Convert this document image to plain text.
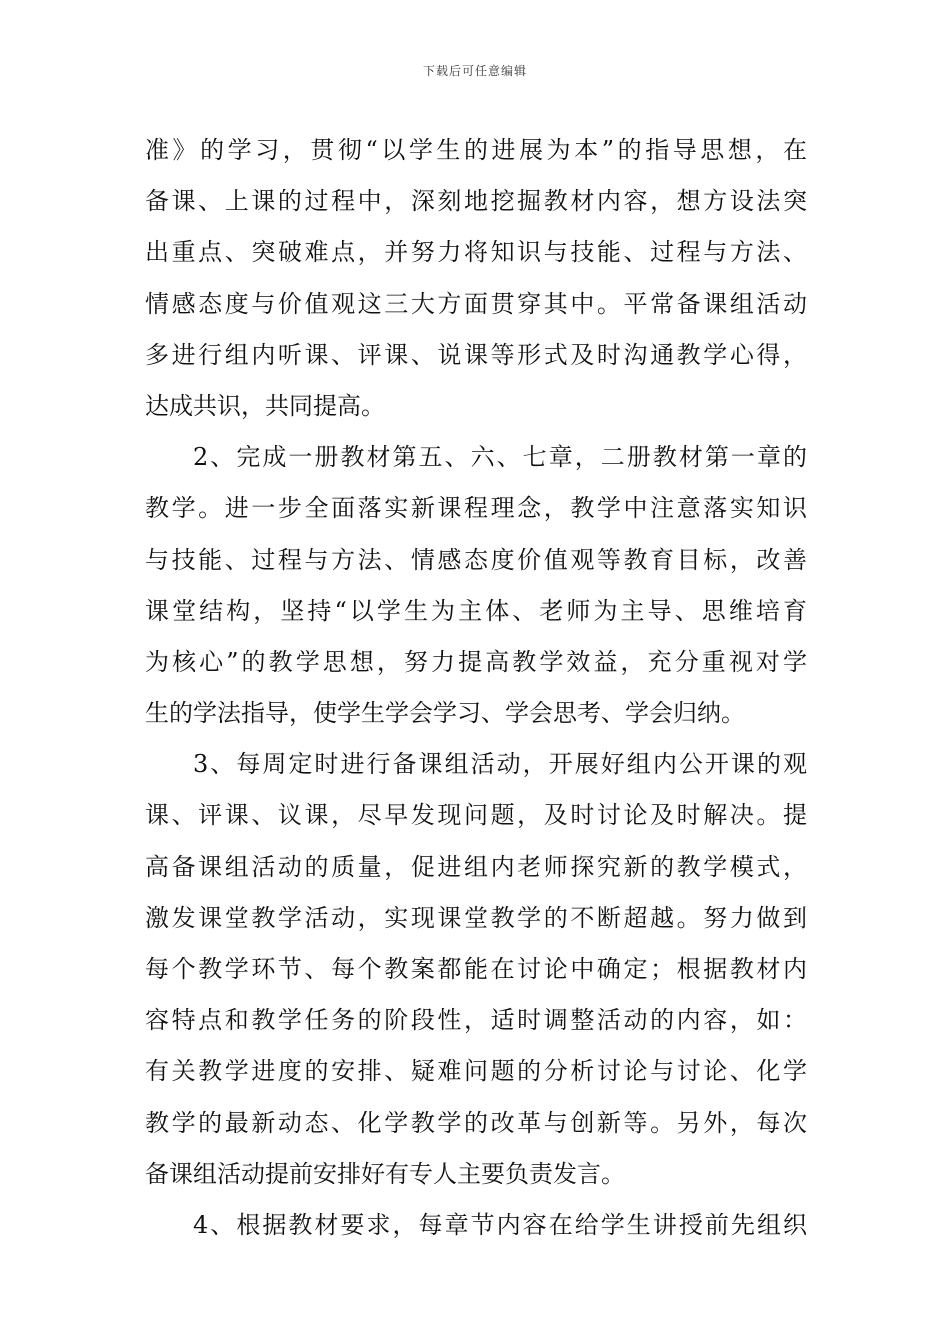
下载后可任意编辑
准》的学习，贯彻“以学生的进展为本”的指导思想，在
备课、上课的过程中，深刻地挖掘教材内容，想方设法突
出重点、突破难点，并努力将知识与技能、过程与方法、
情感态度与价值观这三大方面贯穿其中。平常备课组活动
多进行组内听课、评课、说课等形式及时沟通教学心得，
达成共识，共同提高。
2、完成一册教材第五、六、七章，二册教材第一章的
教学。进一步全面落实新课程理念，教学中注意落实知识
与技能、过程与方法、情感态度价值观等教育目标，改善
课堂结构，坚持“以学生为主体、老师为主导、思维培育
为核心”的教学思想，努力提高教学效益，充分重视对学
生的学法指导，使学生学会学习、学会思考、学会归纳。
3、每周定时进行备课组活动，开展好组内公开课的观
课、评课、议课，尽早发现问题，及时讨论及时解决。提
高备课组活动的质量，促进组内老师探究新的教学模式，
激发课堂教学活动，实现课堂教学的不断超越。努力做到
每个教学环节、每个教案都能在讨论中确定；根据教材内
容特点和教学任务的阶段性，适时调整活动的内容，如：
有关教学进度的安排、疑难问题的分析讨论与讨论、化学
教学的最新动态、化学教学的改革与创新等。另外，每次
备课组活动提前安排好有专人主要负责发言。
4、根据教材要求，每章节内容在给学生讲授前先组织
